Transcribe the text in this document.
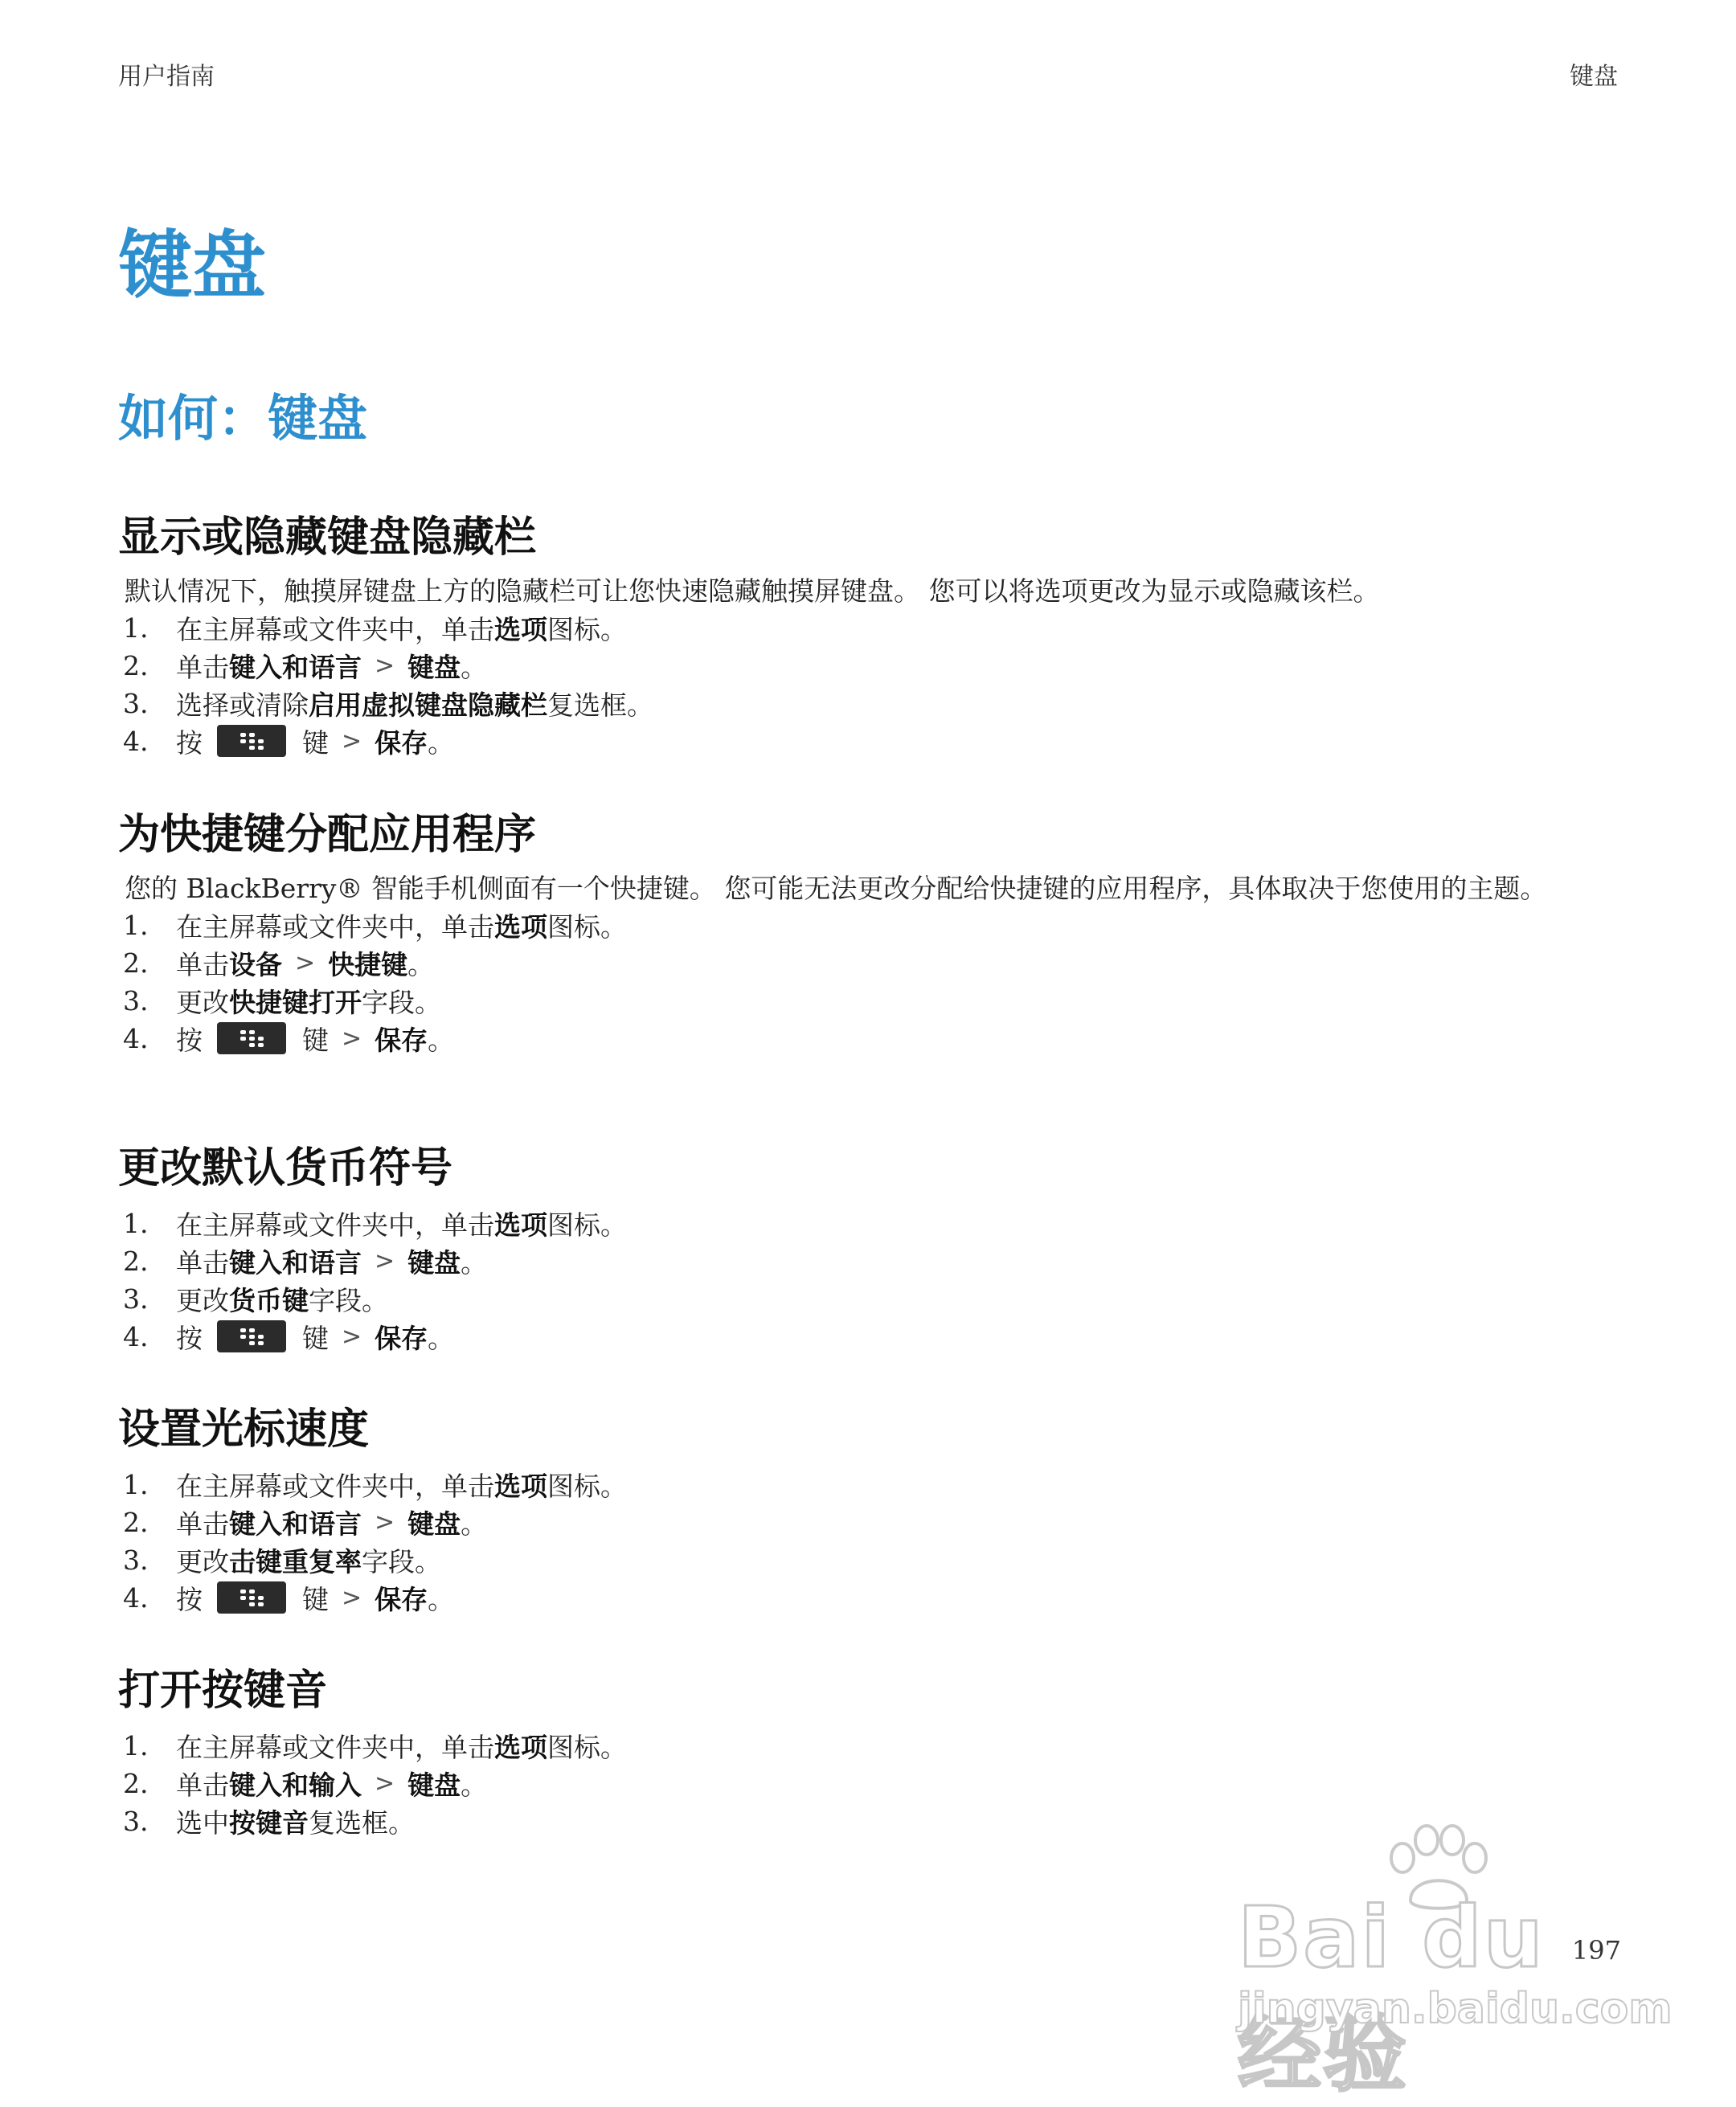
用户指南	键盘
键盘
如何：键盘
显示或隐藏键盘隐藏栏

默认情况下，触摸屏键盘上方的隐藏栏可让您快速隐藏触摸屏键盘。 您可以将选项更改为显示或隐藏该栏。

1.	在主屏幕或文件夹中，单击 选项 图标。
2.	单击 键入和语言 > 键盘 。
3.	选择或清除 启用虚拟键盘隐藏栏 复选框。
4.	按	键 > 保存 。
为快捷键分配应用程序

您的 BlackBerry® 智能手机侧面有一个快捷键。 您可能无法更改分配给快捷键的应用程序，具体取决于您使用的主题。

1.	在主屏幕或文件夹中，单击 选项 图标。
2.	单击 设备 > 快捷键 。
3.	更改 快捷键打开 字段。
4.	按	键 > 保存 。
更改默认货币符号
1.	在主屏幕或文件夹中，单击 选项 图标。
2.	单击 键入和语言 > 键盘 。
3.	更改 货币键 字段。
4.	按	键 > 保存 。
设置光标速度
1.	在主屏幕或文件夹中，单击 选项 图标。
2.	单击 键入和语言 > 键盘 。
3.	更改 击键重复率 字段。
4.	按	键 > 保存 。
打开按键音
1.	在主屏幕或文件夹中，单击 选项 图标。
2.	单击 键入和输入 > 键盘 。
3.	选中 按键音 复选框。
197
Bai du 经验
jingyan.baidu.com
